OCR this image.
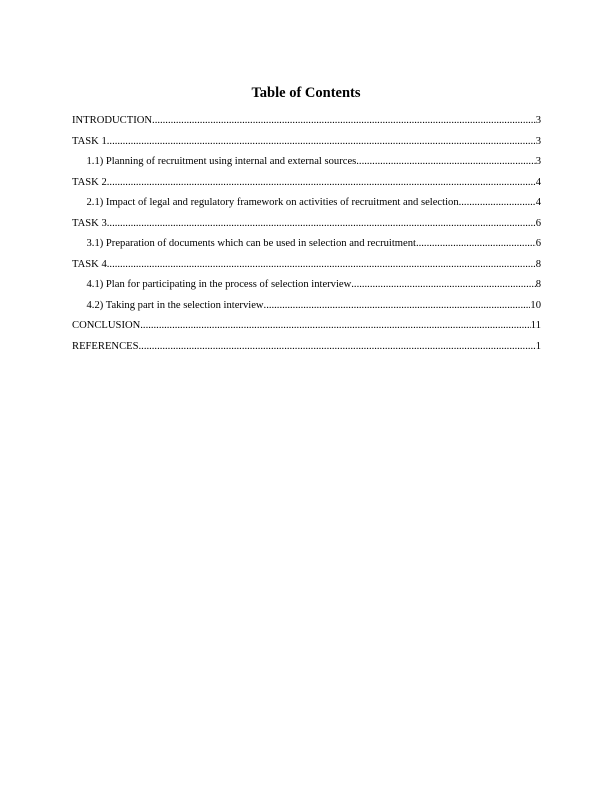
Table of Contents
INTRODUCTION .....	3
TASK 1 .....	3
1.1) Planning of recruitment using internal and external sources .....	3
TASK 2 .....	4
2.1) Impact of legal and regulatory framework on activities of recruitment and selection .....	4
TASK 3 .....	6
3.1) Preparation of documents which can be used in selection and recruitment .....	6
TASK 4 .....	8
4.1) Plan for participating in the process of selection interview .....	8
4.2) Taking part in the selection interview .....	10
CONCLUSION .....	11
REFERENCES .....	1
